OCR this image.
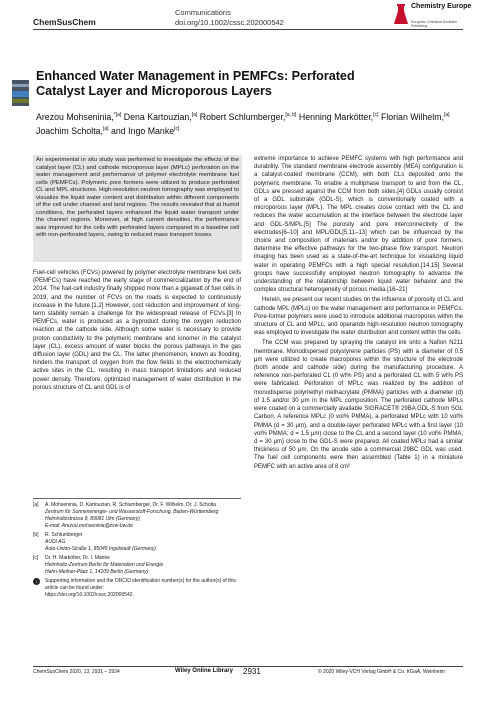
ChemSusChem
Communications
doi.org/10.1002/cssc.202000542
Chemistry Europe
European Chemical Societies Publishing
Enhanced Water Management in PEMFCs: Perforated
Catalyst Layer and Microporous Layers
Arezou Mohseninia,$^{*[a]}$ Dena Kartouzian,[a] Robert Schlumberger,[a, b] Henning Markötter,[c] Florian Wilhelm,[a] Joachim Scholta,[a] and Ingo Manke[c]
An experimental in situ study was performed to investigate the effects of the catalyst layer (CL) and cathode microporous layer (MPLc) perforation on the water management and performance of polymer electrolyte membrane fuel cells (PEMFCs). Polymeric pore formers were utilized to produce perforated CL and MPL structures. High-resolution neutron tomography was employed to visualize the liquid water content and distribution within different components of the cell under channel and land regions. The results revealed that at humid conditions, the perforated layers enhanced the liquid water transport under the channel regions. Moreover, at high current densities, the performance was improved for the cells with perforated layers compared to a baseline cell with non-perforated layers, owing to reduced mass transport losses.

Fuel-cell vehicles (FCVs) powered by polymer electrolyte membrane fuel cells (PEMFCs) have reached the early stage of commercialization by the end of 2014. The fuel-cell industry finally shipped more than a gigawatt of fuel cells in 2019, and the number of FCVs on the roads is expected to continuously increase in the future.[1,2] However, cost reduction and improvement of long-term stability remain a challenge for the widespread release of FCVs.[3] In PEMFCs, water is produced as a byproduct during the oxygen reduction reaction at the cathode side. Although some water is necessary to provide proton conductivity to the polymeric membrane and ionomer in the catalyst layer (CL), excess amount of water blocks the porous pathways in the gas diffusion layer (GDL) and the CL. The latter phenomenon, known as flooding, hinders the transport of oxygen from the flow fields to the electrochemically active sites in the CL, resulting in mass transport limitations and reduced power density. Therefore, optimized management of water distribution in the porous structure of CL and GDL is of

extreme importance to achieve PEMFC systems with high performance and durability. The standard membrane electrode assembly (MEA) configuration is a catalyst-coated membrane (CCM), with both CLs deposited onto the polymeric membrane. To enable a multiphase transport to and from the CL, GDLs are pressed against the CCM from both sides.[4] GDLs usually consist of a GDL substrate (GDL-S), which is conventionally coated with a microporous layer (MPL). The MPL creates close contact with the CL and reduces the water accumulation at the interface between the electrode layer and GDL-S/MPL.[5] The porosity and pore interconnectivity of the electrodes[6–10] and MPL/GDL[5,11–13] which can be influenced by the choice and composition of materials and/or by addition of pore formers, determine the effective pathways for the two-phase flow transport. Neutron imaging has been used as a state-of-the-art technique for visualizing liquid water in operating PEMFCs with a high special resolution.[14,15] Several groups have successfully employed neutron tomography to advance the understanding of the relationship between liquid water behavior and the complex structural heterogeneity of porous media.[16–21]

Herein, we present our recent studies on the influence of porosity of CL and cathode MPL (MPLc) on the water management and performance in PEMFCs. Pore-former polymers were used to introduce additional macropores within the structure of CL and MPLc, and operando high-resolution neutron tomography was employed to investigate the water distribution and content within the cells.

The CCM was prepared by spraying the catalyst ink onto a Nafion N211 membrane. Monodispersed polystyrene particles (PS) with a diameter of 0.5 μm were utilized to create macropores within the structure of the electrode (both anode and cathode side) during the manufacturing procedure. A reference non-perforated CL (0 wt% PS) and a perforated CL with 5 wt% PS were fabricated. Perforation of MPLc was realized by the addition of monodisperse polymethyl methacrylate (PMMA) particles with a diameter (d) of 1.5 and/or 30 μm in the MPL composition. The perforated cathode MPLs were coated on a commercially available SIGRACET® 29BA GDL-S from SGL Carbon. A reference MPLc (0 vol% PMMA), a perforated MPLc with 10 vol% PMMA (d = 30 μm), and a double-layer perforated MPLc with a first layer (10 vol% PMMA; d = 1.5 μm) close to the CL and a second layer (10 vol% PMMA; d = 30 μm) close to the GDL-S were prepared. All coated MPLs had a similar thickness of 50 μm. On the anode side a commercial 29BC GDL was used. The fuel cell components were then assembled (Table 1) in a miniature PEMFC with an active area of 8 cm²

[a]	A. Mohseninia, D. Kartouzian, R. Schlumberger, Dr. F. Wilhelm, Dr. J. Scholta
Zentrum für Sonnenenergie- und Wasserstoff-Forschung, Baden-Württemberg
Helmholtzstrasse 8, 89081 Ulm (Germany)
E-mail: Arezou.mohseninia@zsw-bw.de
[b]	R. Schlumberger
AUDI AG
Auto-Union-Straße 1, 85045 Ingolstadt (Germany)
[c]	Dr. H. Markötter, Dr. I. Manke
Helmholtz-Zentrum Berlin für Materialien und Energie
Hahn-Meitner-Platz 1, 14109 Berlin (Germany)
i	Supporting information and the ORCID identification number(s) for the author(s) of this article can be found under:
https://doi.org/10.1002/cssc.202000542.
ChemSusChem 2020, 13, 2931 – 2934	Wiley Online Library 2931	© 2020 Wiley-VCH Verlag GmbH & Co. KGaA, Weinheim
